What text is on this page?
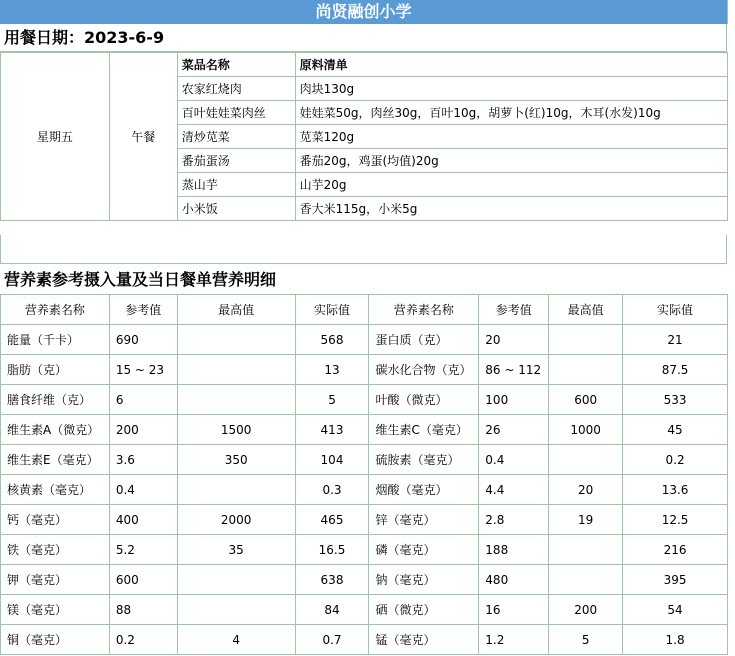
尚贤融创小学
用餐日期：2023-6-9
星期五	午餐	菜品名称	原料清单
		农家红烧肉	肉块130g
		百叶娃娃菜肉丝	娃娃菜50g，肉丝30g，百叶10g，胡萝卜(红)10g，木耳(水发)10g
		清炒苋菜	苋菜120g
		番茄蛋汤	番茄20g，鸡蛋(均值)20g
		蒸山芋	山芋20g
		小米饭	香大米115g，小米5g
营养素参考摄入量及当日餐单营养明细
营养素名称	参考值	最高值	实际值	营养素名称	参考值	最高值	实际值
能量（千卡）	690		568	蛋白质（克）	20		21
脂肪（克）	15 ~ 23		13	碳水化合物（克）	86 ~ 112		87.5
膳食纤维（克）	6		5	叶酸（微克）	100	600	533
维生素A（微克）	200	1500	413	维生素C（毫克）	26	1000	45
维生素E（毫克）	3.6	350	104	硫胺素（毫克）	0.4		0.2
核黄素（毫克）	0.4		0.3	烟酸（毫克）	4.4	20	13.6
钙（毫克）	400	2000	465	锌（毫克）	2.8	19	12.5
铁（毫克）	5.2	35	16.5	磷（毫克）	188		216
钾（毫克）	600		638	钠（毫克）	480		395
镁（毫克）	88		84	硒（微克）	16	200	54
铜（毫克）	0.2	4	0.7	锰（毫克）	1.2	5	1.8
